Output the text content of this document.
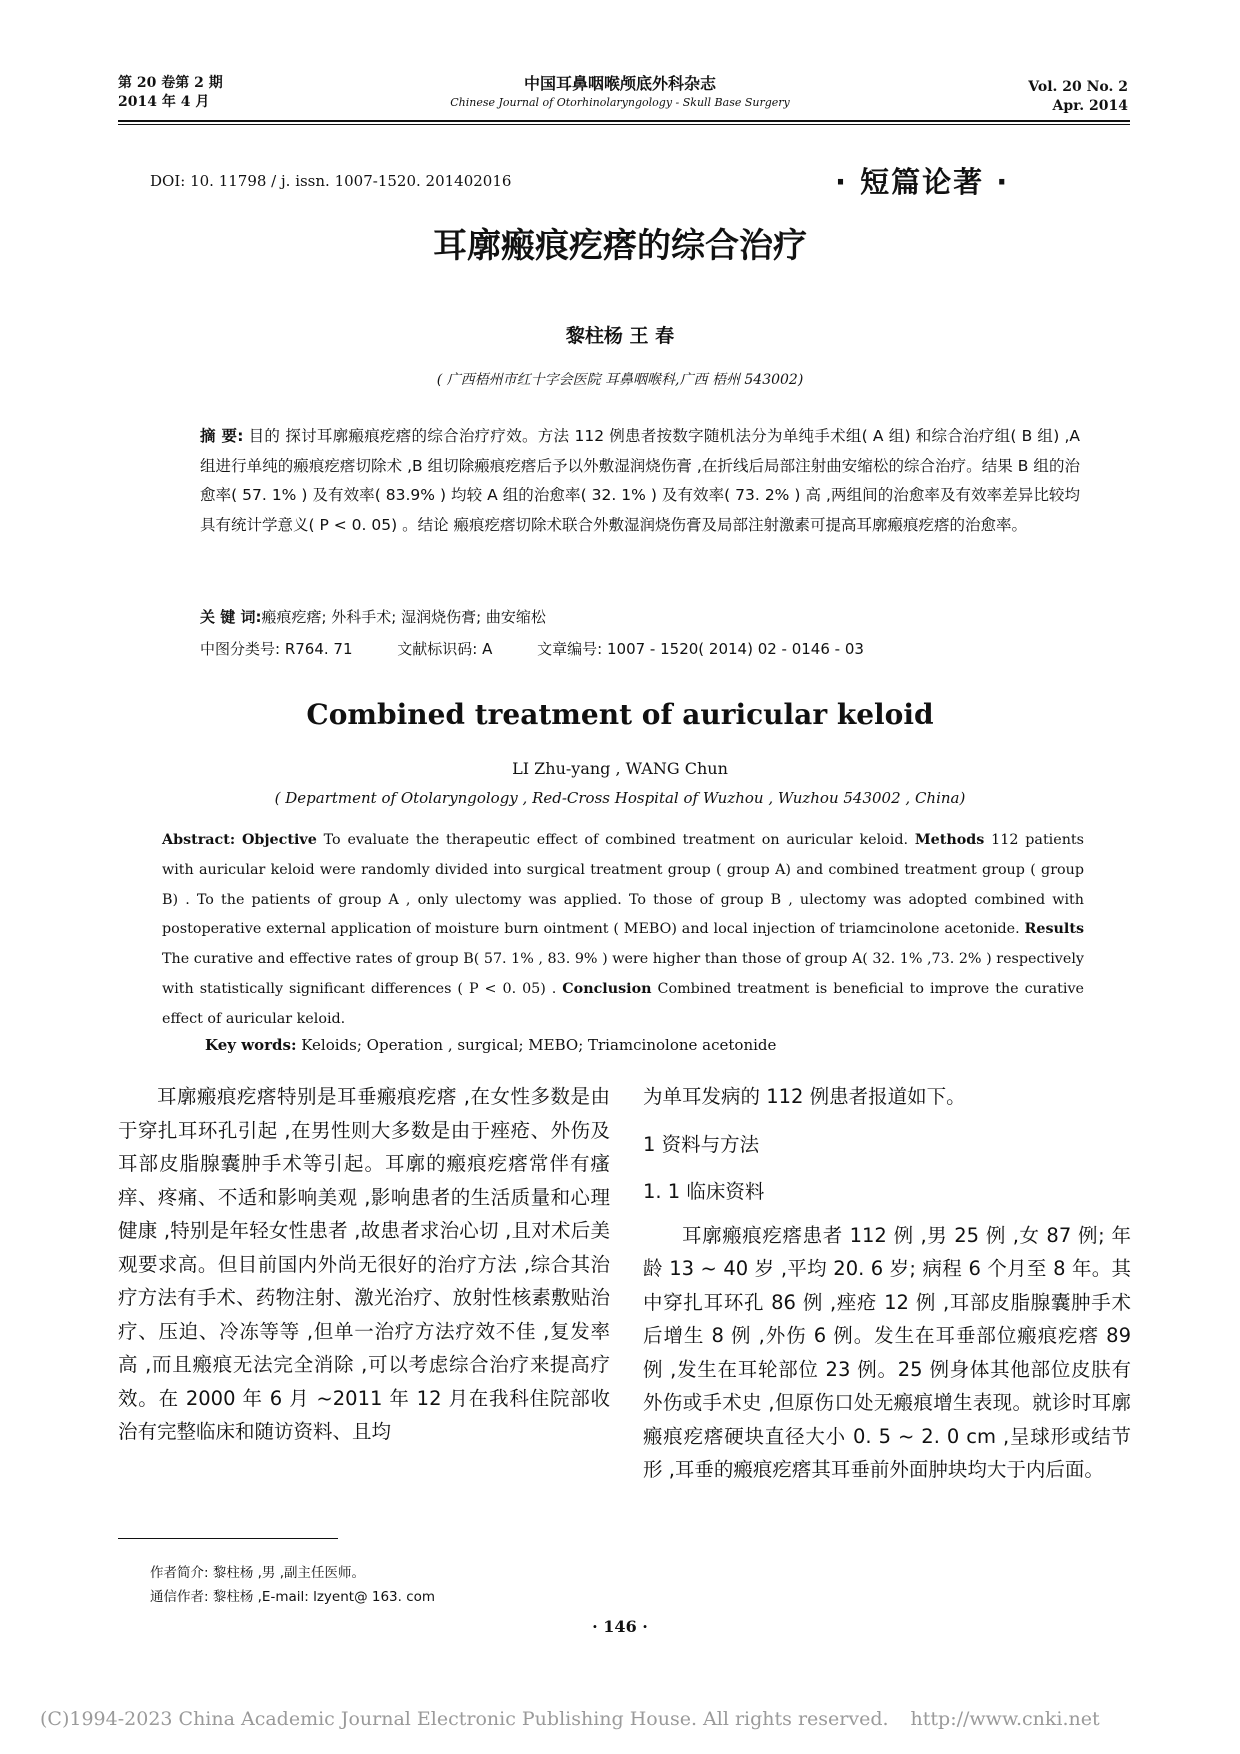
第 20 卷第 2 期
2014 年 4 月
中国耳鼻咽喉颅底外科杂志
Chinese Journal of Otorhinolaryngology - Skull Base Surgery
Vol. 20 No. 2
Apr. 2014
DOI: 10. 11798 / j. issn. 1007-1520. 201402016	· 短篇论著 ·
耳廓瘢痕疙瘩的综合治疗
黎柱杨 王 春
( 广西梧州市红十字会医院 耳鼻咽喉科,广西 梧州 543002)
摘 要: 目的 探讨耳廓瘢痕疙瘩的综合治疗疗效。方法 112 例患者按数字随机法分为单纯手术组( A 组) 和综合治疗组( B 组) ,A 组进行单纯的瘢痕疙瘩切除术 ,B 组切除瘢痕疙瘩后予以外敷湿润烧伤膏 ,在折线后局部注射曲安缩松的综合治疗。结果 B 组的治愈率( 57. 1% ) 及有效率( 83.9% ) 均较 A 组的治愈率( 32. 1% ) 及有效率( 73. 2% ) 高 ,两组间的治愈率及有效率差异比较均具有统计学意义( P < 0. 05) 。结论 瘢痕疙瘩切除术联合外敷湿润烧伤膏及局部注射激素可提高耳廓瘢痕疙瘩的治愈率。
关 键 词:瘢痕疙瘩; 外科手术; 湿润烧伤膏; 曲安缩松
中图分类号: R764. 71	文献标识码: A	文章编号: 1007 - 1520( 2014) 02 - 0146 - 03
Combined treatment of auricular keloid
LI Zhu-yang , WANG Chun
( Department of Otolaryngology , Red-Cross Hospital of Wuzhou , Wuzhou 543002 , China)
Abstract: Objective To evaluate the therapeutic effect of combined treatment on auricular keloid. Methods 112 patients with auricular keloid were randomly divided into surgical treatment group ( group A) and combined treatment group ( group B) . To the patients of group A , only ulectomy was applied. To those of group B , ulectomy was adopted combined with postoperative external application of moisture burn ointment ( MEBO) and local injection of triamcinolone acetonide. Results The curative and effective rates of group B( 57. 1% , 83. 9% ) were higher than those of group A( 32. 1% ,73. 2% ) respectively with statistically significant differences ( P < 0. 05) . Conclusion Combined treatment is beneficial to improve the curative effect of auricular keloid.
Key words: Keloids; Operation , surgical; MEBO; Triamcinolone acetonide
耳廓瘢痕疙瘩特别是耳垂瘢痕疙瘩 ,在女性多数是由于穿扎耳环孔引起 ,在男性则大多数是由于痤疮、外伤及耳部皮脂腺囊肿手术等引起。耳廓的瘢痕疙瘩常伴有瘙痒、疼痛、不适和影响美观 ,影响患者的生活质量和心理健康 ,特别是年轻女性患者 ,故患者求治心切 ,且对术后美观要求高。但目前国内外尚无很好的治疗方法 ,综合其治疗方法有手术、药物注射、激光治疗、放射性核素敷贴治疗、压迫、冷冻等等 ,但单一治疗方法疗效不佳 ,复发率高 ,而且瘢痕无法完全消除 ,可以考虑综合治疗来提高疗效。在 2000 年 6 月 ~2011 年 12 月在我科住院部收治有完整临床和随访资料、且均
为单耳发病的 112 例患者报道如下。
1 资料与方法
1. 1 临床资料
耳廓瘢痕疙瘩患者 112 例 ,男 25 例 ,女 87 例; 年龄 13 ~ 40 岁 ,平均 20. 6 岁; 病程 6 个月至 8 年。其中穿扎耳环孔 86 例 ,痤疮 12 例 ,耳部皮脂腺囊肿手术后增生 8 例 ,外伤 6 例。发生在耳垂部位瘢痕疙瘩 89 例 ,发生在耳轮部位 23 例。25 例身体其他部位皮肤有外伤或手术史 ,但原伤口处无瘢痕增生表现。就诊时耳廓瘢痕疙瘩硬块直径大小 0. 5 ~ 2. 0 cm ,呈球形或结节形 ,耳垂的瘢痕疙瘩其耳垂前外面肿块均大于内后面。
作者简介: 黎柱杨 ,男 ,副主任医师。
通信作者: 黎柱杨 ,E-mail: lzyent@ 163. com
· 146 ·
(C)1994-2023 China Academic Journal Electronic Publishing House. All rights reserved. http://www.cnki.net
